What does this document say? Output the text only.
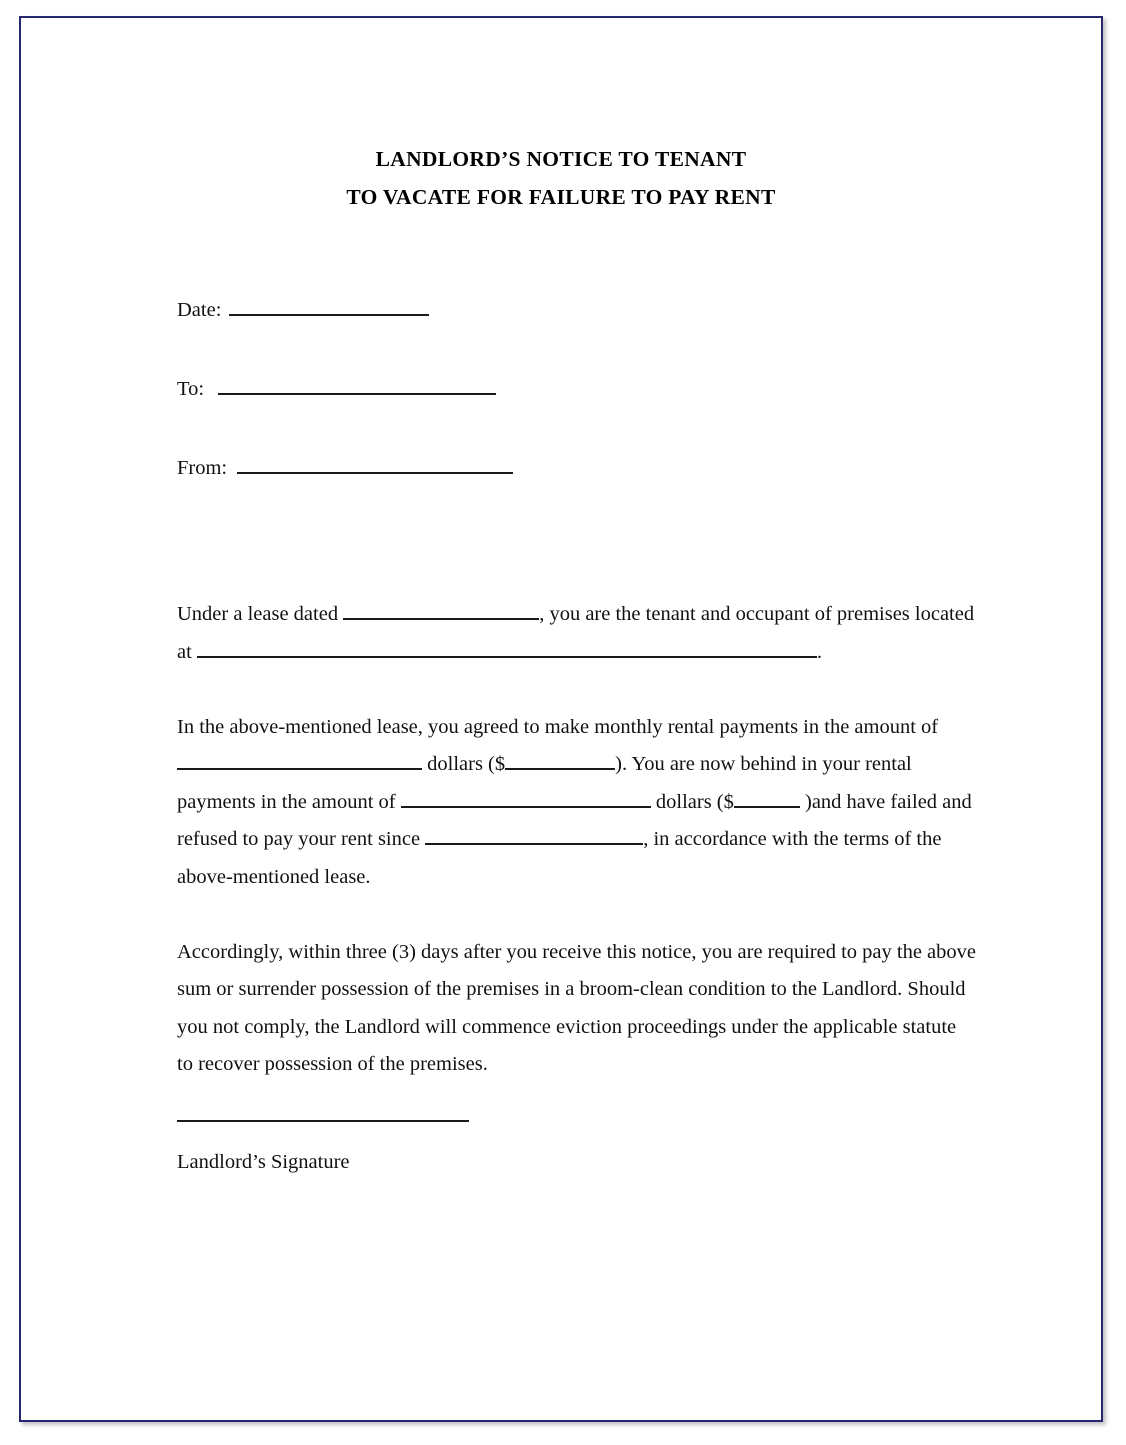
LANDLORD’S NOTICE TO TENANT
TO VACATE FOR FAILURE TO PAY RENT
Date:
To:
From:

Under a lease dated	, you are the tenant and occupant of premises located at	.

In the above-mentioned lease, you agreed to make monthly rental payments in the amount of  dollars ($	). You are now behind in your rental payments in the amount of	dollars ($	)and have failed and refused to pay your rent since	, in accordance with the terms of the above-mentioned lease.

Accordingly, within three (3) days after you receive this notice, you are required to pay the above sum or surrender possession of the premises in a broom-clean condition to the Landlord. Should you not comply, the Landlord will commence eviction proceedings under the applicable statute to recover possession of the premises.

Landlord’s Signature
